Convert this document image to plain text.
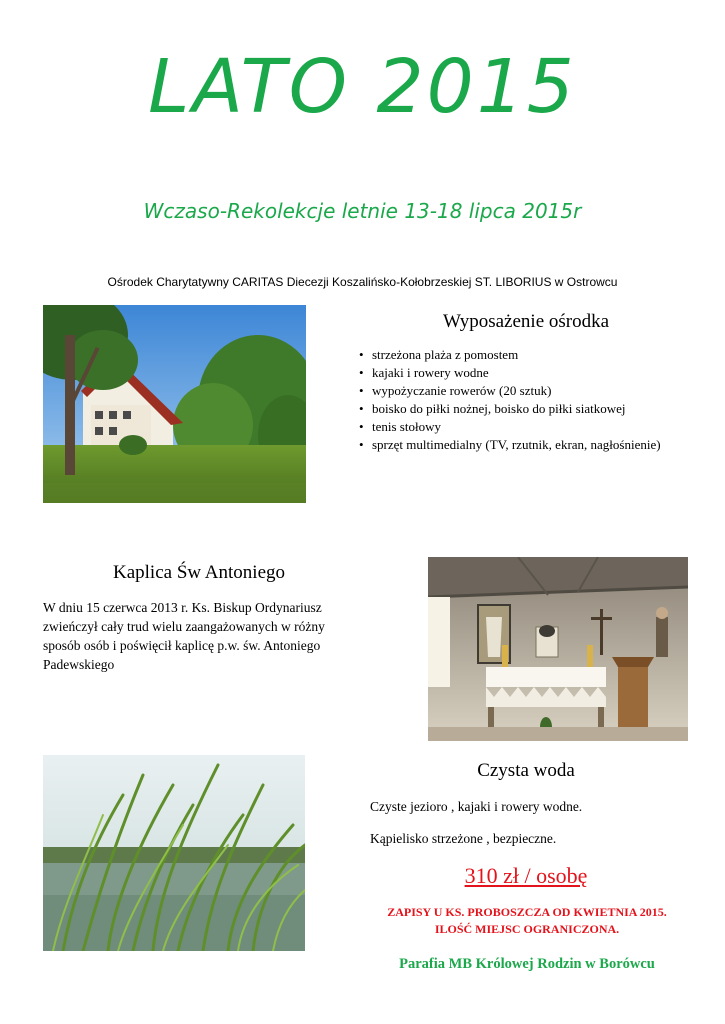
LATO 2015
Wczaso-Rekolekcje letnie 13-18 lipca 2015r
Ośrodek Charytatywny CARITAS Diecezji Koszalińsko-Kołobrzeskiej ST. LIBORIUS w Ostrowcu
Wyposażenie ośrodka
• strzeżona plaża z pomostem
• kajaki i rowery wodne
• wypożyczanie rowerów (20 sztuk)
• boisko do piłki nożnej, boisko do piłki siatkowej
• tenis stołowy
• sprzęt multimedialny (TV, rzutnik, ekran, nagłośnienie)
Kaplica Św Antoniego
W dniu 15 czerwca 2013 r. Ks. Biskup Ordynariusz zwieńczył cały trud wielu zaangażowanych w różny sposób osób i poświęcił kaplicę p.w. św. Antoniego Padewskiego
Czysta woda
Czyste jezioro , kajaki i rowery wodne.
Kąpielisko strzeżone , bezpieczne.
310 zł / osobę
ZAPISY U KS. PROBOSZCZA OD KWIETNIA 2015.
ILOŚĆ MIEJSC OGRANICZONA.
Parafia MB Królowej Rodzin w Borówcu
